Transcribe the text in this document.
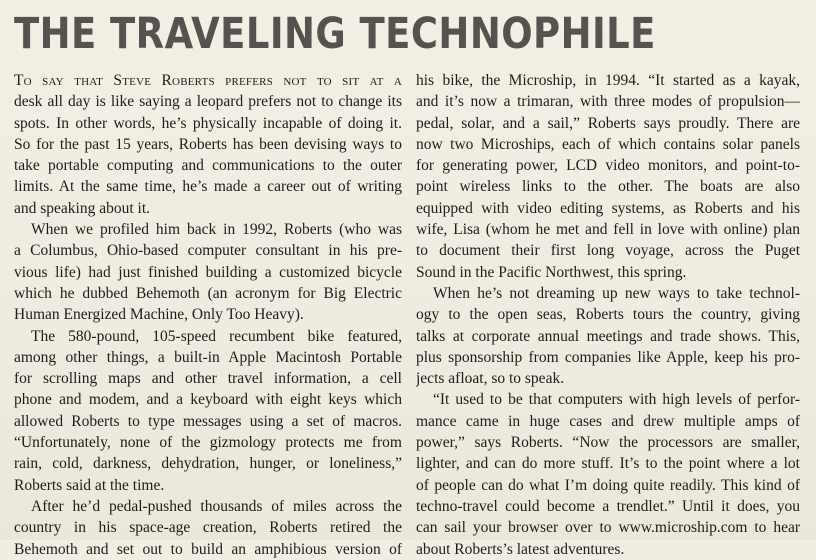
THE TRAVELING TECHNOPHILE
To say that Steve Roberts prefers not to sit at a
desk all day is like saying a leopard prefers not to change its
spots. In other words, he’s physically incapable of doing it.
So for the past 15 years, Roberts has been devising ways to
take portable computing and communications to the outer
limits. At the same time, he’s made a career out of writing
and speaking about it.
When we profiled him back in 1992, Roberts (who was
a Columbus, Ohio-based computer consultant in his pre-
vious life) had just finished building a customized bicycle
which he dubbed Behemoth (an acronym for Big Electric
Human Energized Machine, Only Too Heavy).
The 580-pound, 105-speed recumbent bike featured,
among other things, a built-in Apple Macintosh Portable
for scrolling maps and other travel information, a cell
phone and modem, and a keyboard with eight keys which
allowed Roberts to type messages using a set of macros.
“Unfortunately, none of the gizmology protects me from
rain, cold, darkness, dehydration, hunger, or loneliness,”
Roberts said at the time.
After he’d pedal-pushed thousands of miles across the
country in his space-age creation, Roberts retired the
Behemoth and set out to build an amphibious version of
his bike, the Microship, in 1994. “It started as a kayak,
and it’s now a trimaran, with three modes of propulsion—
pedal, solar, and a sail,” Roberts says proudly. There are
now two Microships, each of which contains solar panels
for generating power, LCD video monitors, and point-to-
point wireless links to the other. The boats are also
equipped with video editing systems, as Roberts and his
wife, Lisa (whom he met and fell in love with online) plan
to document their first long voyage, across the Puget
Sound in the Pacific Northwest, this spring.
When he’s not dreaming up new ways to take technol-
ogy to the open seas, Roberts tours the country, giving
talks at corporate annual meetings and trade shows. This,
plus sponsorship from companies like Apple, keep his pro-
jects afloat, so to speak.
“It used to be that computers with high levels of perfor-
mance came in huge cases and drew multiple amps of
power,” says Roberts. “Now the processors are smaller,
lighter, and can do more stuff. It’s to the point where a lot
of people can do what I’m doing quite readily. This kind of
techno-travel could become a trendlet.” Until it does, you
can sail your browser over to www.microship.com to hear
about Roberts’s latest adventures.
